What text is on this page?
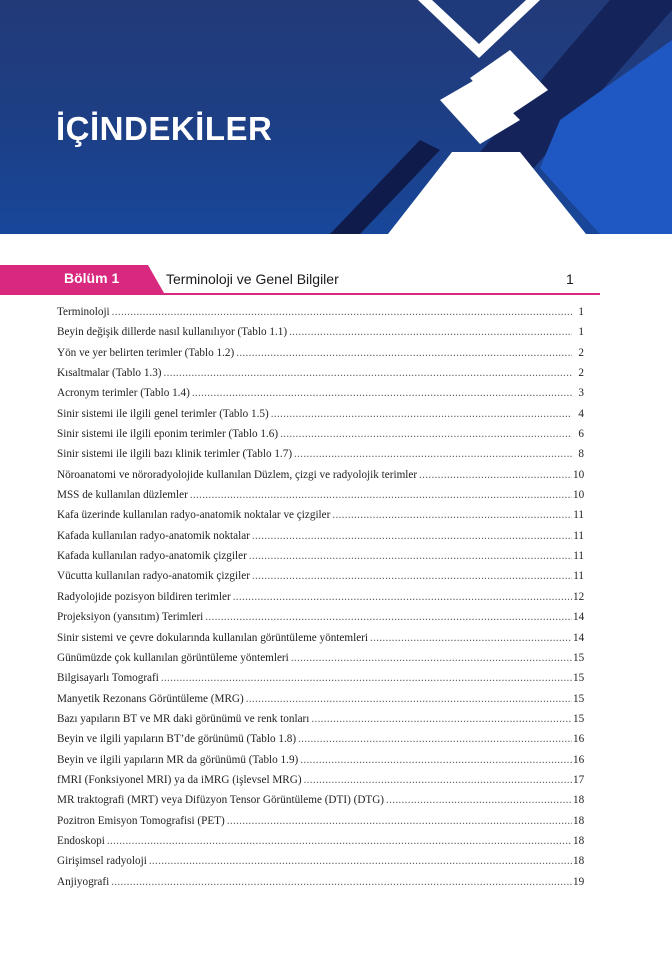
İÇİNDEKİLER
Bölüm 1	Terminoloji ve Genel Bilgiler	1
Terminoloji .....	1
Beyin değişik dillerde nasıl kullanılıyor (Tablo 1.1) .....	1
Yön ve yer belirten terimler (Tablo 1.2) .....	2
Kısaltmalar (Tablo 1.3) .....	2
Acronym terimler (Tablo 1.4) .....	3
Sinir sistemi ile ilgili genel terimler (Tablo 1.5) .....	4
Sinir sistemi ile ilgili eponim terimler (Tablo 1.6) .....	6
Sinir sistemi ile ilgili bazı klinik terimler (Tablo 1.7) .....	8
Nöroanatomi ve nöroradyolojide kullanılan Düzlem, çizgi ve radyolojik terimler .....	10
MSS de kullanılan düzlemler .....	10
Kafa üzerinde kullanılan radyo-anatomik noktalar ve çizgiler .....	11
Kafada kullanılan radyo-anatomik noktalar .....	11
Kafada kullanılan radyo-anatomik çizgiler .....	11
Vücutta kullanılan radyo-anatomik çizgiler .....	11
Radyolojide pozisyon bildiren terimler .....	12
Projeksiyon (yansıtım) Terimleri .....	14
Sinir sistemi ve çevre dokularında kullanılan görüntüleme yöntemleri .....	14
Günümüzde çok kullanılan görüntüleme yöntemleri .....	15
Bilgisayarlı Tomografi .....	15
Manyetik Rezonans Görüntüleme (MRG) .....	15
Bazı yapıların BT ve MR daki görünümü ve renk tonları .....	15
Beyin ve ilgili yapıların BT’de görünümü (Tablo 1.8) .....	16
Beyin ve ilgili yapıların MR da görünümü (Tablo 1.9) .....	16
fMRI (Fonksiyonel MRI) ya da iMRG (işlevsel MRG) .....	17
MR traktografi (MRT) veya Difüzyon Tensor Görüntüleme (DTI) (DTG) .....	18
Pozitron Emisyon Tomografisi (PET) .....	18
Endoskopi .....	18
Girişimsel radyoloji .....	18
Anjiyografi .....	19
